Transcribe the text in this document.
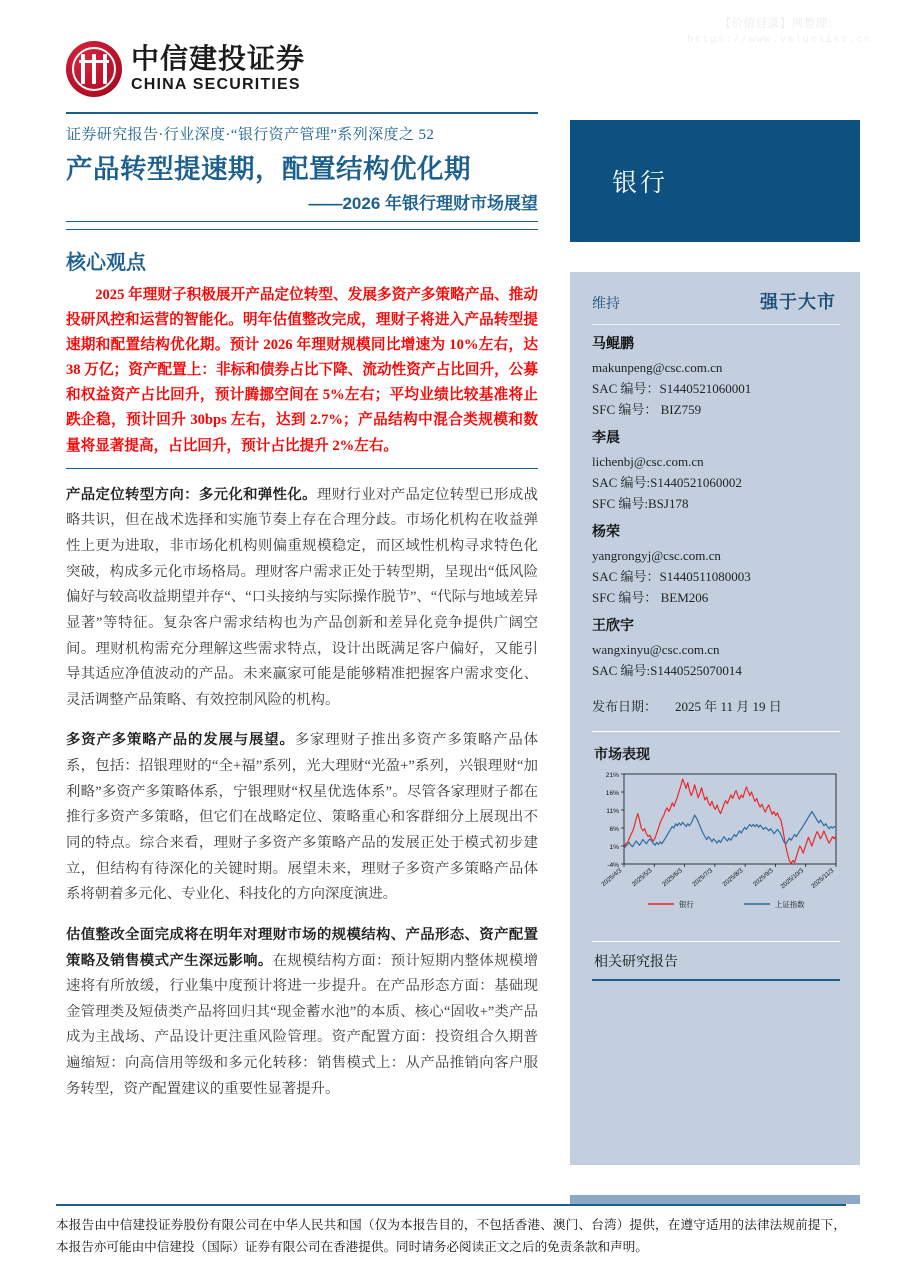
【价值目录】网整理：
https://www.valuelist.cn
中信建投证券
CHINA SECURITIES
证券研究报告·行业深度·“银行资产管理”系列深度之 52
产品转型提速期，配置结构优化期
——2026 年银行理财市场展望
核心观点
2025 年理财子积极展开产品定位转型、发展多资产多策略产品、推动投研风控和运营的智能化。明年估值整改完成，理财子将进入产品转型提速期和配置结构优化期。预计 2026 年理财规模同比增速为 10%左右，达 38 万亿；资产配置上：非标和债券占比下降、流动性资产占比回升，公募和权益资产占比回升，预计腾挪空间在 5%左右；平均业绩比较基准将止跌企稳，预计回升 30bps 左右，达到 2.7%；产品结构中混合类规模和数量将显著提高，占比回升，预计占比提升 2%左右。

产品定位转型方向：多元化和弹性化。理财行业对产品定位转型已形成战略共识，但在战术选择和实施节奏上存在合理分歧。市场化机构在收益弹性上更为进取，非市场化机构则偏重规模稳定，而区域性机构寻求特色化突破，构成多元化市场格局。理财客户需求正处于转型期，呈现出“低风险偏好与较高收益期望并存“、“口头接纳与实际操作脱节”、“代际与地域差异显著”等特征。复杂客户需求结构也为产品创新和差异化竞争提供广阔空间。理财机构需充分理解这些需求特点，设计出既满足客户偏好，又能引导其适应净值波动的产品。未来赢家可能是能够精准把握客户需求变化、灵活调整产品策略、有效控制风险的机构。

多资产多策略产品的发展与展望。多家理财子推出多资产多策略产品体系，包括：招银理财的“全+福”系列，光大理财“光盈+”系列，兴银理财“加利略”多资产多策略体系，宁银理财“权星优选体系”。尽管各家理财子都在推行多资产多策略，但它们在战略定位、策略重心和客群细分上展现出不同的特点。综合来看，理财子多资产多策略产品的发展正处于模式初步建立，但结构有待深化的关键时期。展望未来，理财子多资产多策略产品体系将朝着多元化、专业化、科技化的方向深度演进。

估值整改全面完成将在明年对理财市场的规模结构、产品形态、资产配置策略及销售模式产生深远影响。在规模结构方面：预计短期内整体规模增速将有所放缓，行业集中度预计将进一步提升。在产品形态方面：基础现金管理类及短债类产品将回归其“现金蓄水池”的本质、核心“固收+”类产品成为主战场、产品设计更注重风险管理。资产配置方面：投资组合久期普遍缩短：向高信用等级和多元化转移：销售模式上：从产品推销向客户服务转型，资产配置建议的重要性显著提升。

银行
维持	强于大市
马鲲鹏

makunpeng@csc.com.cn

SAC 编号：S1440521060001

SFC 编号： BIZ759

李晨

lichenbj@csc.com.cn

SAC 编号:S1440521060002

SFC 编号:BSJ178

杨荣

yangrongyj@csc.com.cn

SAC 编号：S1440511080003

SFC 编号： BEM206

王欣宇

wangxinyu@csc.com.cn

SAC 编号:S1440525070014

发布日期： 2025 年 11 月 19 日
市场表现
-4%
1%
6%
11%
16%
21%
2025/4/3 2025/5/3 2025/6/3 2025/7/3 2025/8/3 2025/9/3 2025/10/3 2025/11/3
银行	上证指数
相关研究报告

本报告由中信建投证券股份有限公司在中华人民共和国（仅为本报告目的，不包括香港、澳门、台湾）提供，在遵守适用的法律法规前提下，本报告亦可能由中信建投（国际）证券有限公司在香港提供。同时请务必阅读正文之后的免责条款和声明。
